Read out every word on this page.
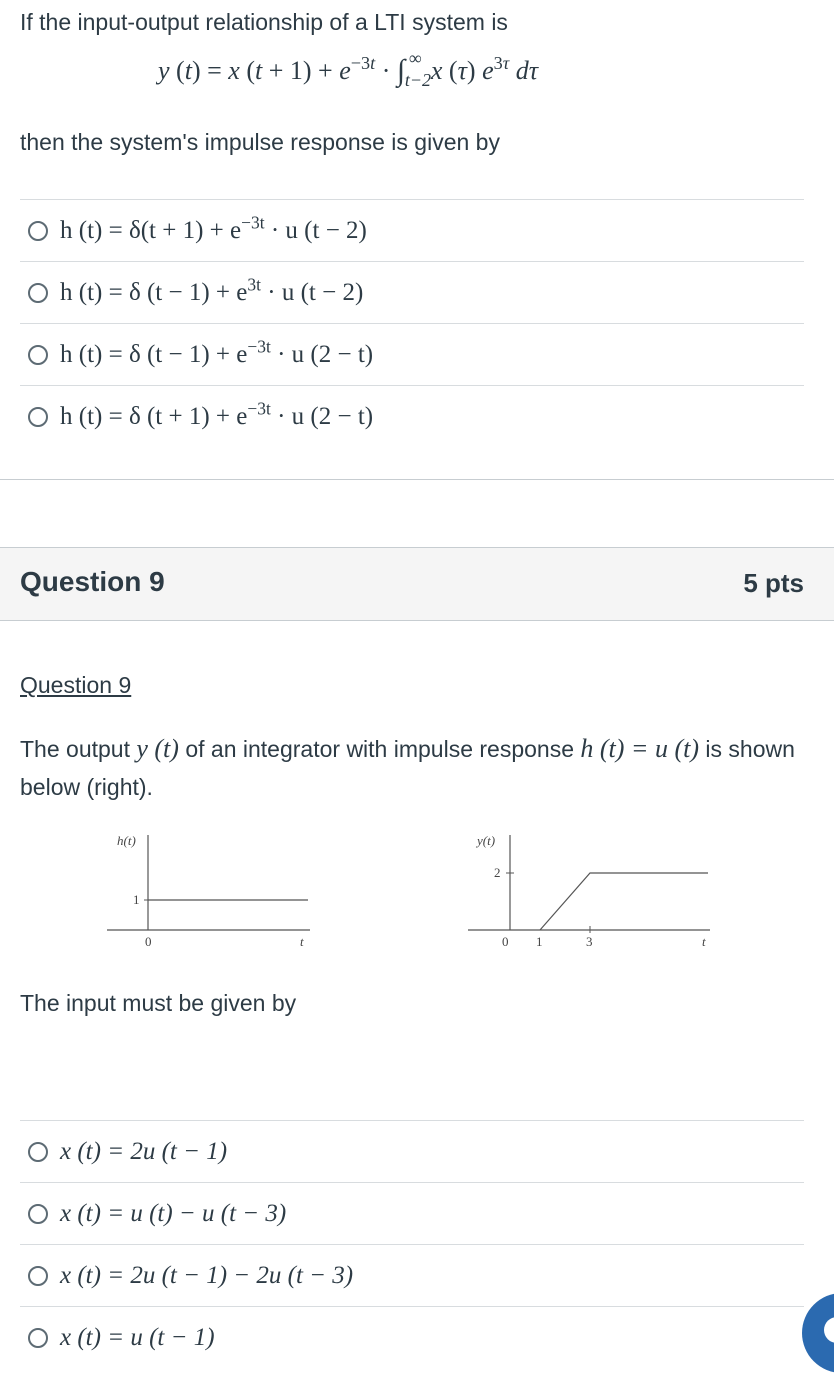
If the input-output relationship of a LTI system is
y (t) = x $(t + 1) + e^{-3t}$ · ∫ ∞
t−2 x (τ) $e^{3\tau}$ dτ
then the system's impulse response is given by
h $(t) = \delta(t + 1) + e^{-3t} \cdot u$ (t − 2)
h (t) = δ $(t - 1) + e^{3t} \cdot u$ (t − 2)
h (t) = δ $(t - 1) + e^{-3t} \cdot u$ (2 − t)
h (t) = δ $(t + 1) + e^{-3t} \cdot u$ (2 − t)
Question 9	5 pts
Question 9
The output y (t) of an integrator with impulse response h (t) = u (t) is shown below (right).
h(t)
1
0	t
y(t)
2
0 1	3	t
The input must be given by
x (t) = 2u (t − 1)
x (t) = u (t) − u (t − 3)
x (t) = 2u (t − 1) − 2u (t − 3)
x (t) = u (t − 1)
